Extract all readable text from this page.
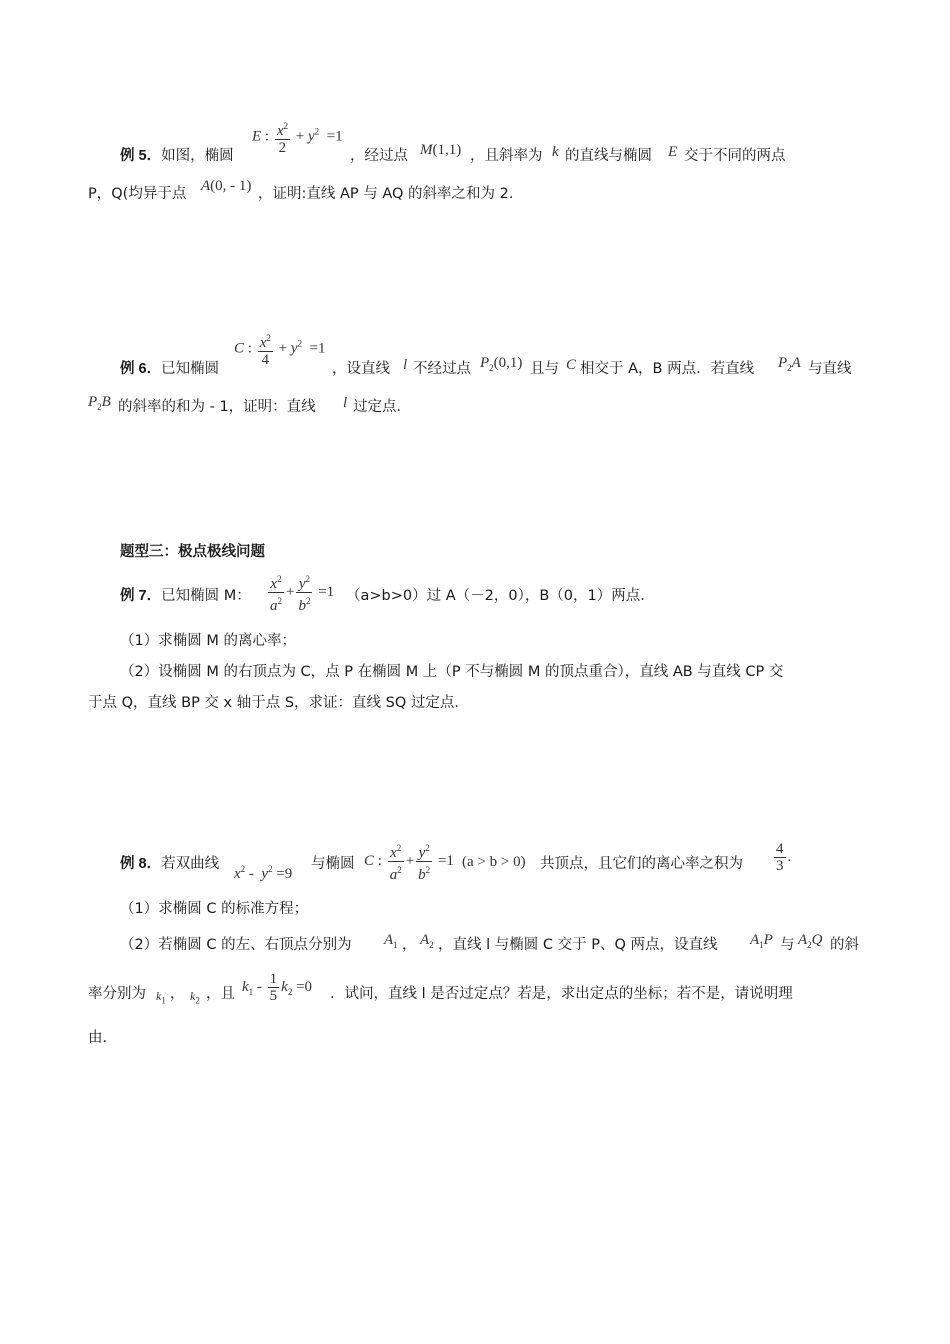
例 5．如图，椭圆
E : $\frac{x^2}{2} + y^2 =1$
，经过点 M(1,1) ，且斜率为 k 的直线与椭圆 E 交于不同的两点
P，Q(均异于点 A(0, - 1) ，证明:直线 AP 与 AQ 的斜率之和为 2．
例 6．已知椭圆
C : $\frac{x^2}{4} + y^2 =1$
，设直线 l 不经过点 $P_2(0,1)$ 且与 C 相交于 A，B 两点．若直线 $P_2A$ 与直线
$P_2B$ 的斜率的和为 - 1，证明：直线 l 过定点．
题型三：极点极线问题
例 7．已知椭圆 M： $\frac{x^2}{a^2} + \frac{y^2}{b^2} =1$ （a>b>0）过 A（－2，0），B（0，1）两点．
（1）求椭圆 M 的离心率；
（2）设椭圆 M 的右顶点为 C，点 P 在椭圆 M 上（P 不与椭圆 M 的顶点重合），直线 AB 与直线 CP 交
于点 Q，直线 BP 交 x 轴于点 S，求证：直线 SQ 过定点．
例 8．若双曲线
$x^2 - y^2 =9$
与椭圆 C : $\frac{x^2}{a^2} + \frac{y^2}{b^2} =1$ (a > b > 0) 共顶点，且它们的离心率之积为 $\frac{4}{3}$ .
（1）求椭圆 C 的标准方程；
（2）若椭圆 C 的左、右顶点分别为 $A_1$ ， $A_2$ ，直线 l 与椭圆 C 交于 P、Q 两点，设直线 $A_1P$ 与 $A_2Q$ 的斜
率分别为 $k_1$ ， $k_2$ ，且 $k_1 - \frac{1}{5} k_2 =0$ ．试问，直线 l 是否过定点？若是，求出定点的坐标；若不是，请说明理
由．
